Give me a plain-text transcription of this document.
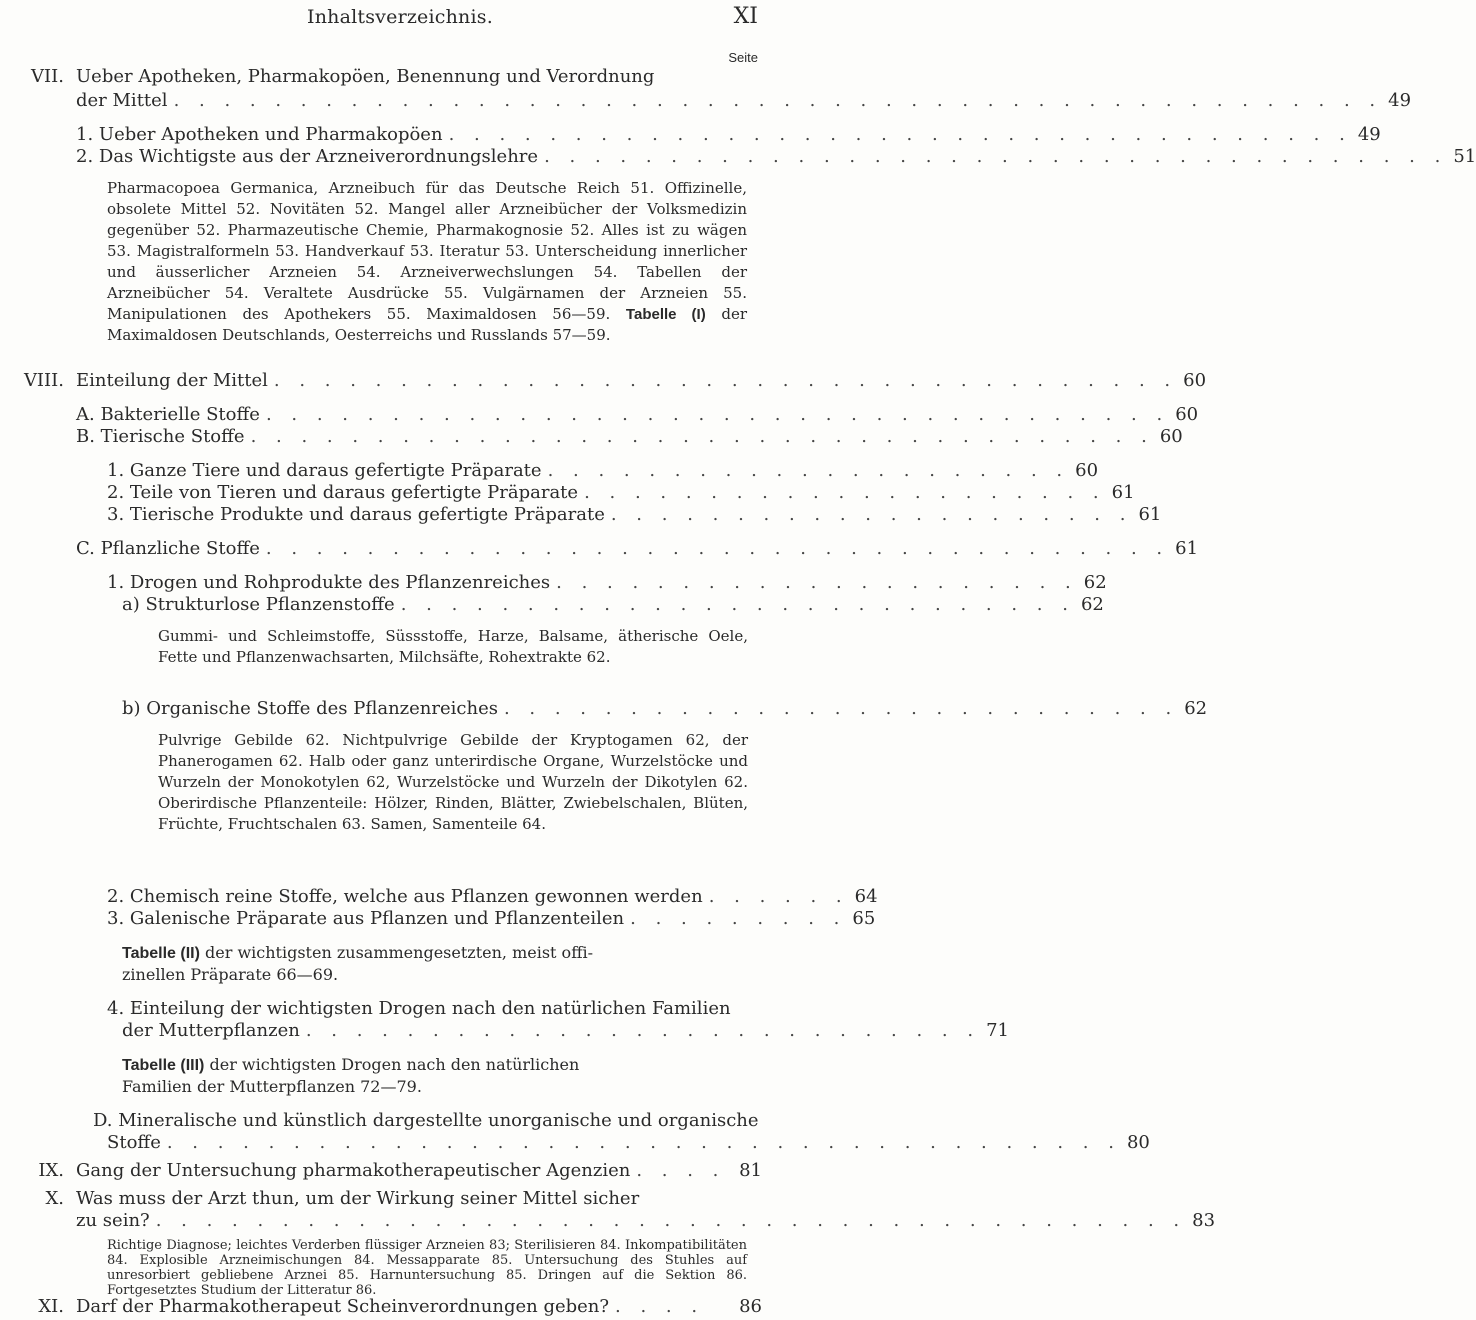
Inhaltsverzeichnis.	XI
Seite
VII. Ueber Apotheken, Pharmakopöen, Benennung und Verordnung
der Mittel . . . . . . . . . . . . . . . . . . . . . . . . . . . . . . . . . . . . . . . . . . . . . . . . 49
1. Ueber Apotheken und Pharmakopöen . . . . . . . . . . . . . . . . . . . . . . . . . . . . . . . . . . . . 49
2. Das Wichtigste aus der Arzneiverordnungslehre . . . . . . . . . . . . . . . . . . . . . . . . . . . . . . . . . . . . 51
Pharmacopoea Germanica, Arzneibuch für das Deutsche Reich 51. Offizinelle, obsolete Mittel 52. Novitäten 52. Mangel aller Arzneibücher der Volksmedizin gegenüber 52. Pharmazeutische Chemie, Pharmakognosie 52. Alles ist zu wägen 53. Magistralformeln 53. Handverkauf 53. Iteratur 53. Unterscheidung innerlicher und äusserlicher Arzneien 54. Arzneiverwechslungen 54. Tabellen der Arzneibücher 54. Veraltete Ausdrücke 55. Vulgärnamen der Arzneien 55. Manipulationen des Apothekers 55. Maximaldosen 56—59. Tabelle (I) der Maximaldosen Deutschlands, Oesterreichs und Russlands 57—59.
VIII. Einteilung der Mittel . . . . . . . . . . . . . . . . . . . . . . . . . . . . . . . . . . . . 60
A. Bakterielle Stoffe . . . . . . . . . . . . . . . . . . . . . . . . . . . . . . . . . . . . 60
B. Tierische Stoffe . . . . . . . . . . . . . . . . . . . . . . . . . . . . . . . . . . . . 60
1. Ganze Tiere und daraus gefertigte Präparate . . . . . . . . . . . . . . . . . . . . . 60
2. Teile von Tieren und daraus gefertigte Präparate . . . . . . . . . . . . . . . . . . . . . 61
3. Tierische Produkte und daraus gefertigte Präparate . . . . . . . . . . . . . . . . . . . . . 61
C. Pflanzliche Stoffe . . . . . . . . . . . . . . . . . . . . . . . . . . . . . . . . . . . . 61
1. Drogen und Rohprodukte des Pflanzenreiches . . . . . . . . . . . . . . . . . . . . . 62
a) Strukturlose Pflanzenstoffe . . . . . . . . . . . . . . . . . . . . . . . . . . . 62
Gummi- und Schleimstoffe, Süssstoffe, Harze, Balsame, ätherische Oele, Fette und Pflanzenwachsarten, Milchsäfte, Rohextrakte 62.
b) Organische Stoffe des Pflanzenreiches . . . . . . . . . . . . . . . . . . . . . . . . . . . 62
Pulvrige Gebilde 62. Nichtpulvrige Gebilde der Kryptogamen 62, der Phanerogamen 62. Halb oder ganz unterirdische Organe, Wurzelstöcke und Wurzeln der Monokotylen 62, Wurzelstöcke und Wurzeln der Dikotylen 62. Oberirdische Pflanzenteile: Hölzer, Rinden, Blätter, Zwiebelschalen, Blüten, Früchte, Fruchtschalen 63. Samen, Samenteile 64.
2. Chemisch reine Stoffe, welche aus Pflanzen gewonnen werden . . . . . . 64
3. Galenische Präparate aus Pflanzen und Pflanzenteilen . . . . . . . . . 65
Tabelle (II) der wichtigsten zusammengesetzten, meist offi-
zinellen Präparate 66—69.
4. Einteilung der wichtigsten Drogen nach den natürlichen Familien
der Mutterpflanzen . . . . . . . . . . . . . . . . . . . . . . . . . . . 71
Tabelle (III) der wichtigsten Drogen nach den natürlichen
Familien der Mutterpflanzen 72—79.
D. Mineralische und künstlich dargestellte unorganische und organische
Stoffe . . . . . . . . . . . . . . . . . . . . . . . . . . . . . . . . . . . . . . 80
IX. Gang der Untersuchung pharmakotherapeutischer Agenzien . . . . 81
X. Was muss der Arzt thun, um der Wirkung seiner Mittel sicher
zu sein? . . . . . . . . . . . . . . . . . . . . . . . . . . . . . . . . . . . . . . . . . 83
Richtige Diagnose; leichtes Verderben flüssiger Arzneien 83; Sterilisieren 84. Inkompatibilitäten 84. Explosible Arzneimischungen 84. Messapparate 85. Untersuchung des Stuhles auf unresorbiert gebliebene Arznei 85. Harnuntersuchung 85. Dringen auf die Sektion 86. Fortgesetztes Studium der Litteratur 86.
XI. Darf der Pharmakotherapeut Scheinverordnungen geben? . . . .	86
